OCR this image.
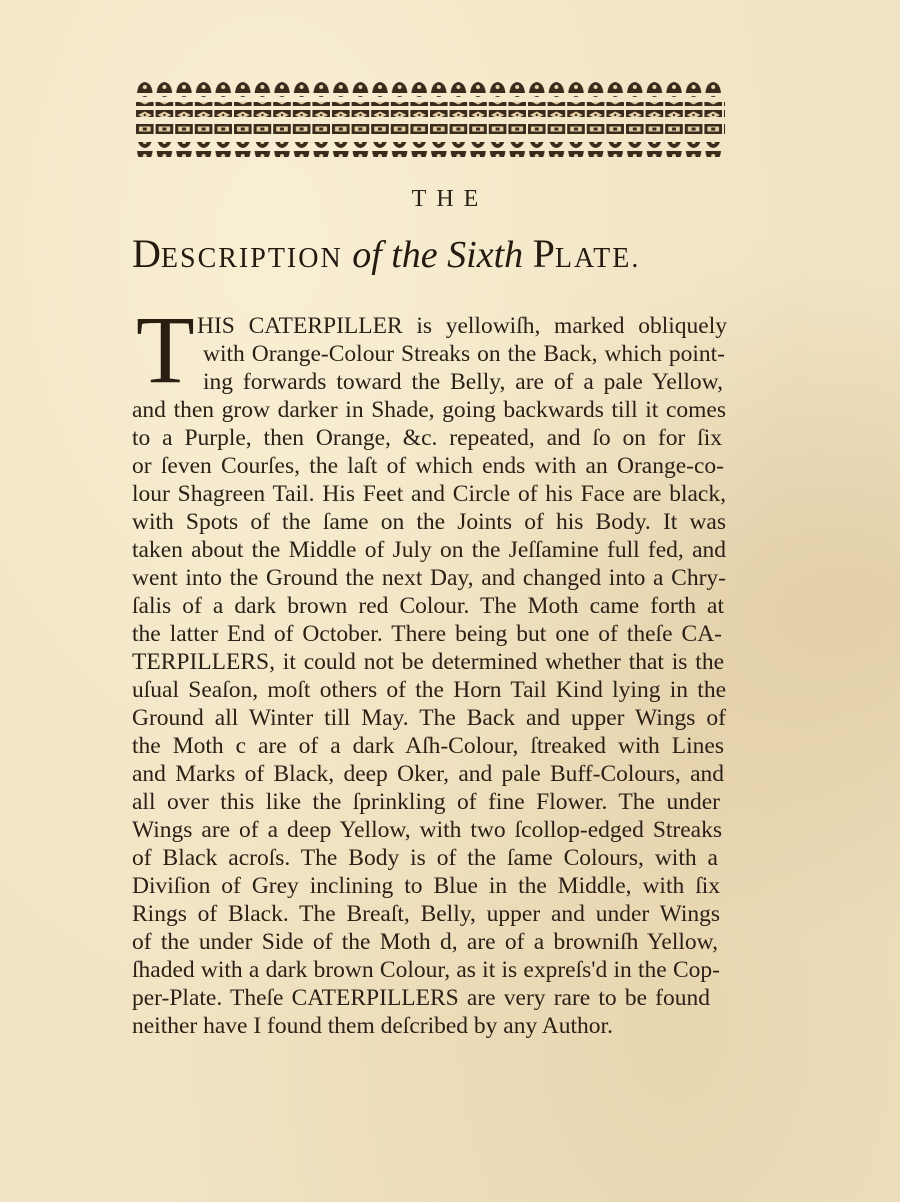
THE
DESCRIPTION of the Sixth PLATE.
T HIS CATERPILLER is yellowiſh, marked obliquely
with Orange-Colour Streaks on the Back, which point-
ing forwards toward the Belly, are of a pale Yellow,
and then grow darker in Shade, going backwards till it comes
to a Purple, then Orange, &c. repeated, and ſo on for ſix
or ſeven Courſes, the laſt of which ends with an Orange-co-
lour Shagreen Tail. His Feet and Circle of his Face are black,
with Spots of the ſame on the Joints of his Body. It was
taken about the Middle of July on the Jeſſamine full fed, and
went into the Ground the next Day, and changed into a Chry-
ſalis of a dark brown red Colour. The Moth came forth at
the latter End of October. There being but one of theſe CA-
TERPILLERS, it could not be determined whether that is the
uſual Seaſon, moſt others of the Horn Tail Kind lying in the
Ground all Winter till May. The Back and upper Wings of
the Moth c are of a dark Aſh-Colour, ſtreaked with Lines
and Marks of Black, deep Oker, and pale Buff-Colours, and
all over this like the ſprinkling of fine Flower. The under
Wings are of a deep Yellow, with two ſcollop-edged Streaks
of Black acroſs. The Body is of the ſame Colours, with a
Diviſion of Grey inclining to Blue in the Middle, with ſix
Rings of Black. The Breaſt, Belly, upper and under Wings
of the under Side of the Moth d, are of a browniſh Yellow,
ſhaded with a dark brown Colour, as it is expreſs'd in the Cop-
per-Plate. Theſe CATERPILLERS are very rare to be found
neither have I found them deſcribed by any Author.
